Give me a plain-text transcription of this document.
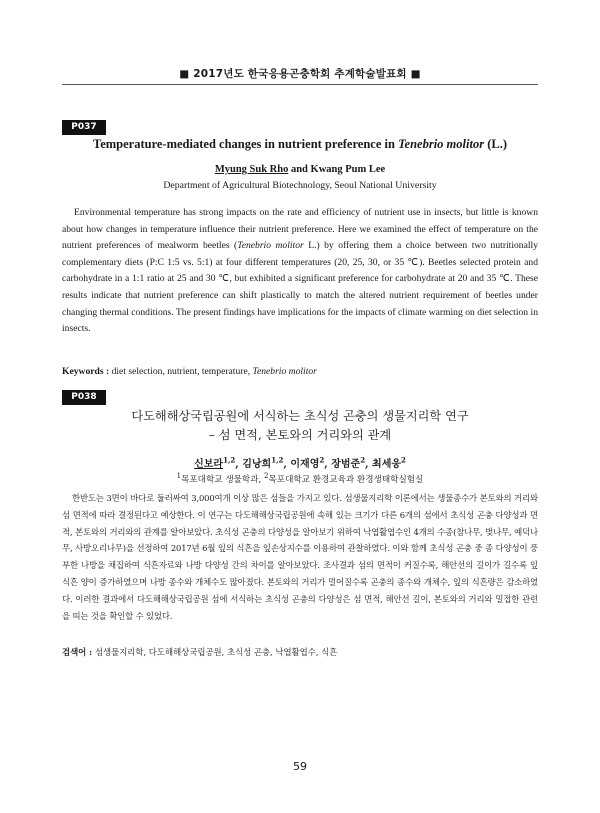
■ 2017년도 한국응용곤충학회 추계학술발표회 ■
P037
Temperature-mediated changes in nutrient preference in Tenebrio molitor (L.)
Myung Suk Rho and Kwang Pum Lee
Department of Agricultural Biotechnology, Seoul National University

Environmental temperature has strong impacts on the rate and efficiency of nutrient use in insects, but little is known about how changes in temperature influence their nutrient preference. Here we examined the effect of temperature on the nutrient preferences of mealworm beetles (Tenebrio molitor L.) by offering them a choice between two nutritionally complementary diets (P:C 1:5 vs. 5:1) at four different temperatures (20, 25, 30, or 35 ℃). Beetles selected protein and carbohydrate in a 1:1 ratio at 25 and 30 ℃, but exhibited a significant preference for carbohydrate at 20 and 35 ℃. These results indicate that nutrient preference can shift plastically to match the altered nutrient requirement of beetles under changing thermal conditions. The present findings have implications for the impacts of climate warming on diet selection in insects.

Keywords : diet selection, nutrient, temperature, Tenebrio molitor
P038
다도해해상국립공원에 서식하는 초식성 곤충의 생물지리학 연구
– 섬 면적, 본토와의 거리와의 관계
신보라$^{1,2}$, 김낭희$^{1,2}$, 이재영$^2$, 장범준$^2$, 최세웅$^2$
$^1$목포대학교 생물학과, $^2$목포대학교 환경교육과 환경생태학실험실

한반도는 3면이 바다로 둘러싸여 3,000여개 이상 많은 섬들을 가지고 있다. 섬생물지리학 이론에서는 생물종수가 본토와의 거리와 섬 면적에 따라 결정된다고 예상한다. 이 연구는 다도해해상국립공원에 속해 있는 크기가 다른 6개의 섬에서 초식성 곤충 다양성과 면적, 본토와의 거리와의 관계를 알아보았다. 초식성 곤충의 다양성을 알아보기 위하여 낙엽활엽수인 4개의 수종(참나무, 벚나무, 예덕나무, 사방오리나무)을 선정하여 2017년 6월 잎의 식흔을 잎손상지수를 이용하여 관찰하였다. 이와 함께 초식성 곤충 중 종 다양성이 풍부한 나방을 채집하여 식흔자료와 나방 다양성 간의 차이를 알아보았다. 조사결과 섬의 면적이 커질수록, 해안선의 길이가 길수록 잎 식흔 양이 증가하였으며 나방 종수와 개체수도 많아졌다. 본토와의 거리가 멀어질수록 곤충의 종수와 개체수, 잎의 식흔량은 감소하였다. 이러한 결과에서 다도해해상국립공원 섬에 서식하는 초식성 곤충의 다양성은 섬 면적, 해안선 길이, 본토와의 거리와 밀접한 관련을 띠는 것을 확인할 수 있었다.

검색어 : 섬생물지리학, 다도해해상국립공원, 초식성 곤충, 낙엽활엽수, 식흔
59
